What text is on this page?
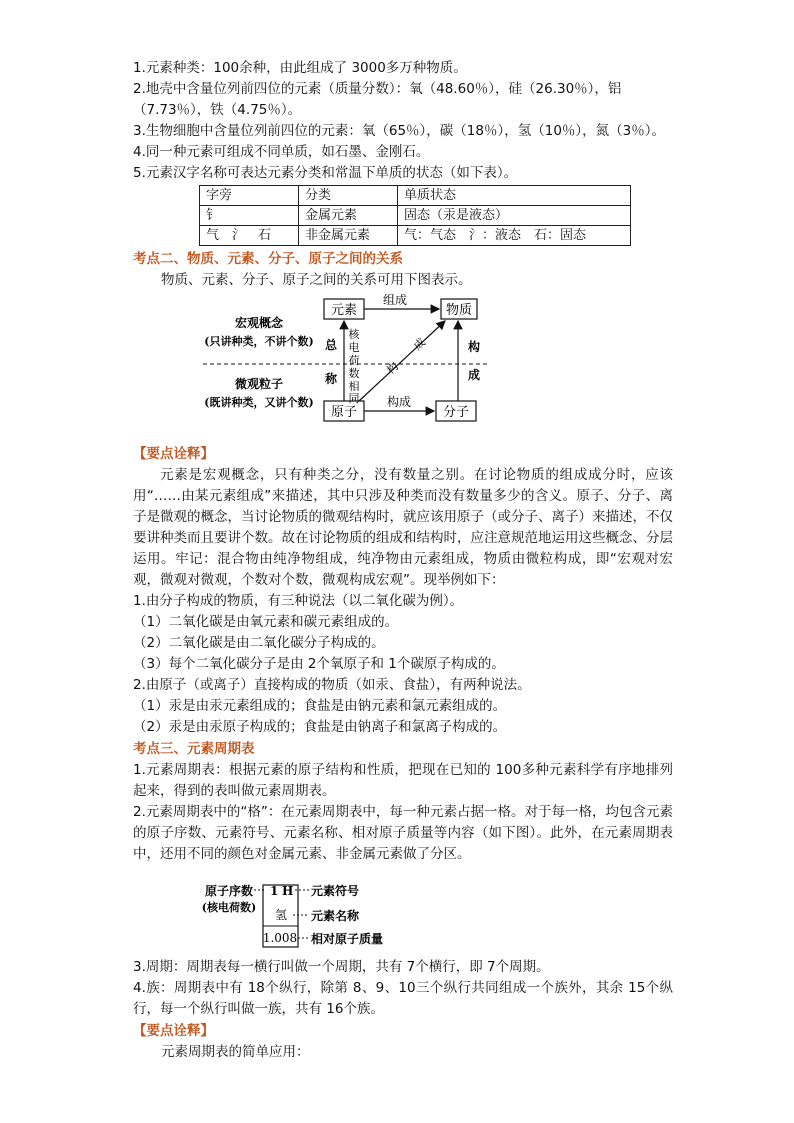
1.元素种类：100余种，由此组成了 3000多万种物质。
2.地壳中含量位列前四位的元素（质量分数）：氧（48.60％），硅（26.30％），铝
（7.73％），铁（4.75％）。
3.生物细胞中含量位列前四位的元素：氧（65％），碳（18％），氢（10％），氮（3％）。
4.同一种元素可组成不同单质，如石墨、金刚石。
5.元素汉字名称可表达元素分类和常温下单质的状态（如下表）。
字旁	分类	单质状态
钅	金属元素	固态（汞是液态）
气　氵　石	非金属元素	气：气态　氵：液态　石：固态
考点二、物质、元素、分子、原子之间的关系
物质、元素、分子、原子之间的关系可用下图表示。
元素	物质
原子	分子
组成
构成
宏观概念
(只讲种类，不讲个数)
微观粒子
(既讲种类，又讲个数)
总
称
核
电
荷
数
相
同
构
成
构
成
【要点诠释】
元素是宏观概念，只有种类之分，没有数量之别。在讨论物质的组成成分时，应该用“……由某元素组成”来描述，其中只涉及种类而没有数量多少的含义。原子、分子、离子是微观的概念，当讨论物质的微观结构时，就应该用原子（或分子、离子）来描述，不仅要讲种类而且要讲个数。故在讨论物质的组成和结构时，应注意规范地运用这些概念、分层运用。牢记：混合物由纯净物组成，纯净物由元素组成，物质由微粒构成，即“宏观对宏观，微观对微观，个数对个数，微观构成宏观”。现举例如下：
1.由分子构成的物质，有三种说法（以二氧化碳为例）。
（1）二氧化碳是由氧元素和碳元素组成的。
（2）二氧化碳是由二氧化碳分子构成的。
（3）每个二氧化碳分子是由 2个氧原子和 1个碳原子构成的。
2.由原子（或离子）直接构成的物质（如汞、食盐），有两种说法。
（1）汞是由汞元素组成的；食盐是由钠元素和氯元素组成的。
（2）汞是由汞原子构成的；食盐是由钠离子和氯离子构成的。
考点三、元素周期表
1.元素周期表：根据元素的原子结构和性质，把现在已知的 100多种元素科学有序地排列起来，得到的表叫做元素周期表。
2.元素周期表中的“格”：在元素周期表中，每一种元素占据一格。对于每一格，均包含元素的原子序数、元素符号、元素名称、相对原子质量等内容（如下图）。此外，在元素周期表中，还用不同的颜色对金属元素、非金属元素做了分区。
原子序数
(核电荷数)
1 H
氢
1.008
元素符号
元素名称
相对原子质量
3.周期：周期表每一横行叫做一个周期，共有 7个横行，即 7个周期。
4.族：周期表中有 18个纵行，除第 8、9、10三个纵行共同组成一个族外，其余 15个纵行，每一个纵行叫做一族，共有 16个族。
【要点诠释】
元素周期表的简单应用：
